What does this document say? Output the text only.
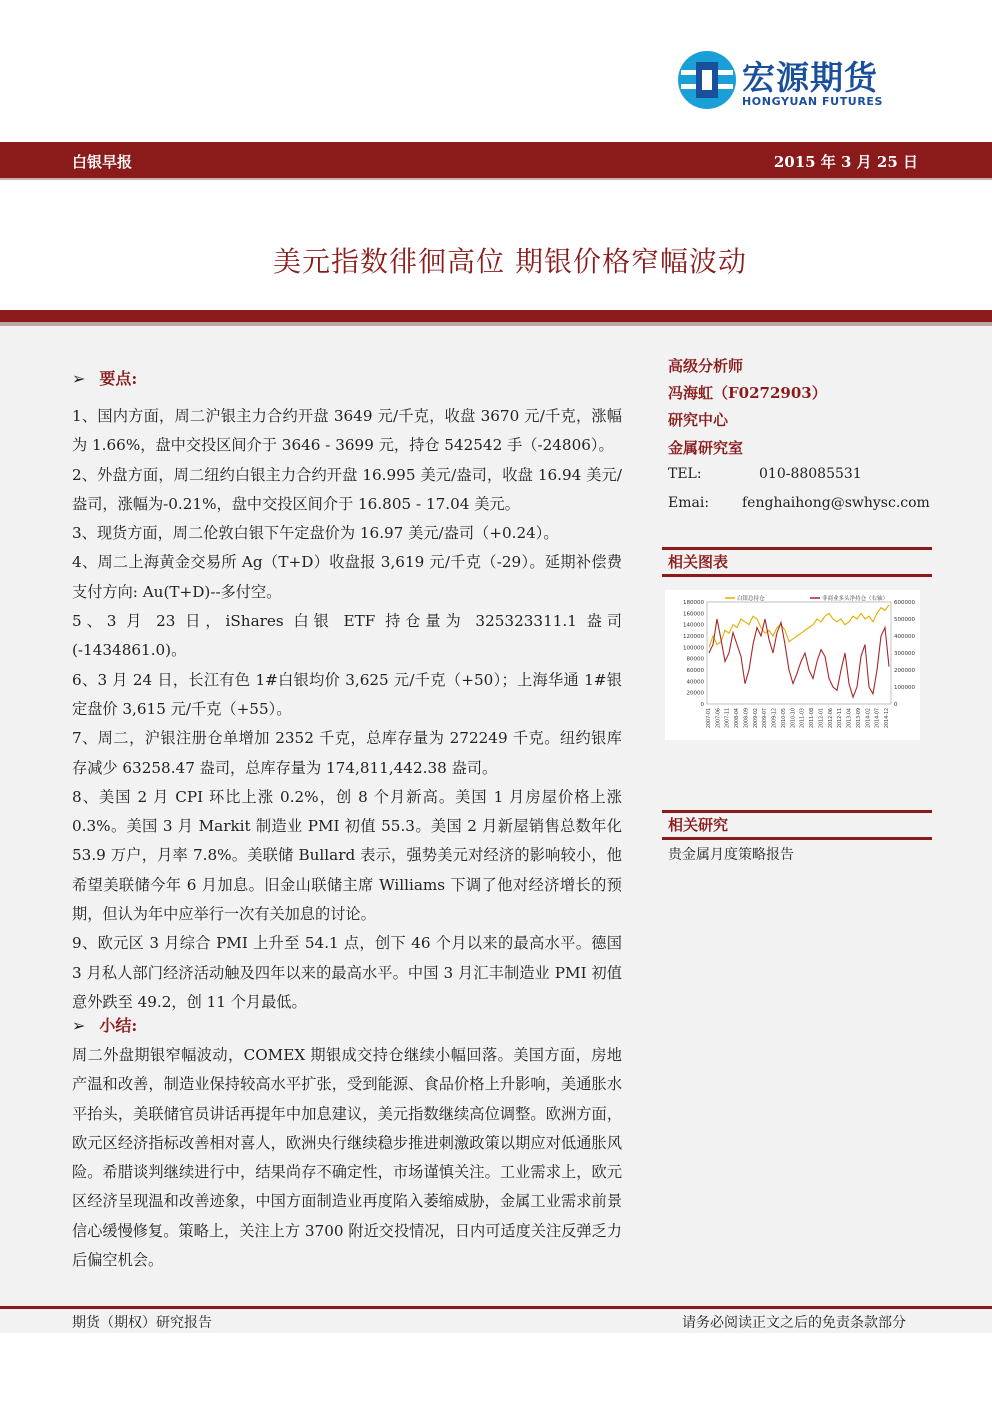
宏源期货
HONGYUAN FUTURES
白银早报	2015 年 3 月 25 日
美元指数徘徊高位 期银价格窄幅波动
➢ 要点:
1、国内方面，周二沪银主力合约开盘 3649 元/千克，收盘 3670 元/千克，涨幅为 1.66%，盘中交投区间介于 3646 - 3699 元，持仓 542542 手（-24806）。
2、外盘方面，周二纽约白银主力合约开盘 16.995 美元/盎司，收盘 16.94 美元/盎司，涨幅为-0.21%，盘中交投区间介于 16.805 - 17.04 美元。
3、现货方面，周二伦敦白银下午定盘价为 16.97 美元/盎司（+0.24）。
4、周二上海黄金交易所 Ag（T+D）收盘报 3,619 元/千克（-29）。延期补偿费支付方向: Au(T+D)--多付空。
5、3 月 23 日，iShares 白银 ETF 持仓量为 325323311.1 盎司(-1434861.0)。
6、3 月 24 日，长江有色 1#白银均价 3,625 元/千克（+50）；上海华通 1#银定盘价 3,615 元/千克（+55）。
7、周二，沪银注册仓单增加 2352 千克，总库存量为 272249 千克。纽约银库存减少 63258.47 盎司，总库存量为 174,811,442.38 盎司。
8、美国 2 月 CPI 环比上涨 0.2%，创 8 个月新高。美国 1 月房屋价格上涨 0.3%。美国 3 月 Markit 制造业 PMI 初值 55.3。美国 2 月新屋销售总数年化 53.9 万户，月率 7.8%。美联储 Bullard 表示，强势美元对经济的影响较小，他希望美联储今年 6 月加息。旧金山联储主席 Williams 下调了他对经济增长的预期，但认为年中应举行一次有关加息的讨论。
9、欧元区 3 月综合 PMI 上升至 54.1 点，创下 46 个月以来的最高水平。德国 3 月私人部门经济活动触及四年以来的最高水平。中国 3 月汇丰制造业 PMI 初值意外跌至 49.2，创 11 个月最低。
➢ 小结:
周二外盘期银窄幅波动，COMEX 期银成交持仓继续小幅回落。美国方面，房地产温和改善，制造业保持较高水平扩张，受到能源、食品价格上升影响，美通胀水平抬头，美联储官员讲话再提年中加息建议，美元指数继续高位调整。欧洲方面，欧元区经济指标改善相对喜人，欧洲央行继续稳步推进刺激政策以期应对低通胀风险。希腊谈判继续进行中，结果尚存不确定性，市场谨慎关注。工业需求上，欧元区经济呈现温和改善迹象，中国方面制造业再度陷入萎缩威胁，金属工业需求前景信心缓慢修复。策略上，关注上方 3700 附近交投情况，日内可适度关注反弹乏力后偏空机会。
高级分析师
冯海虹（F0272903）
研究中心
金属研究室
TEL:	010-88085531
Emai: fenghaihong@swhysc.com
相关图表
白银总持仓	非商业多头净持仓（右轴）
180000
160000
140000
120000
100000
80000
60000
40000
20000
0
600000
500000
400000
300000
200000
100000
0
2007-01 2007-06 2007-11 2008-04 2008-09 2009-02 2009-07 2009-12 2010-05 2010-10 2011-03 2011-08 2012-01 2012-06 2012-11 2013-04 2013-09 2014-02 2014-07 2014-12
相关研究
贵金属月度策略报告
期货（期权）研究报告	请务必阅读正文之后的免责条款部分
